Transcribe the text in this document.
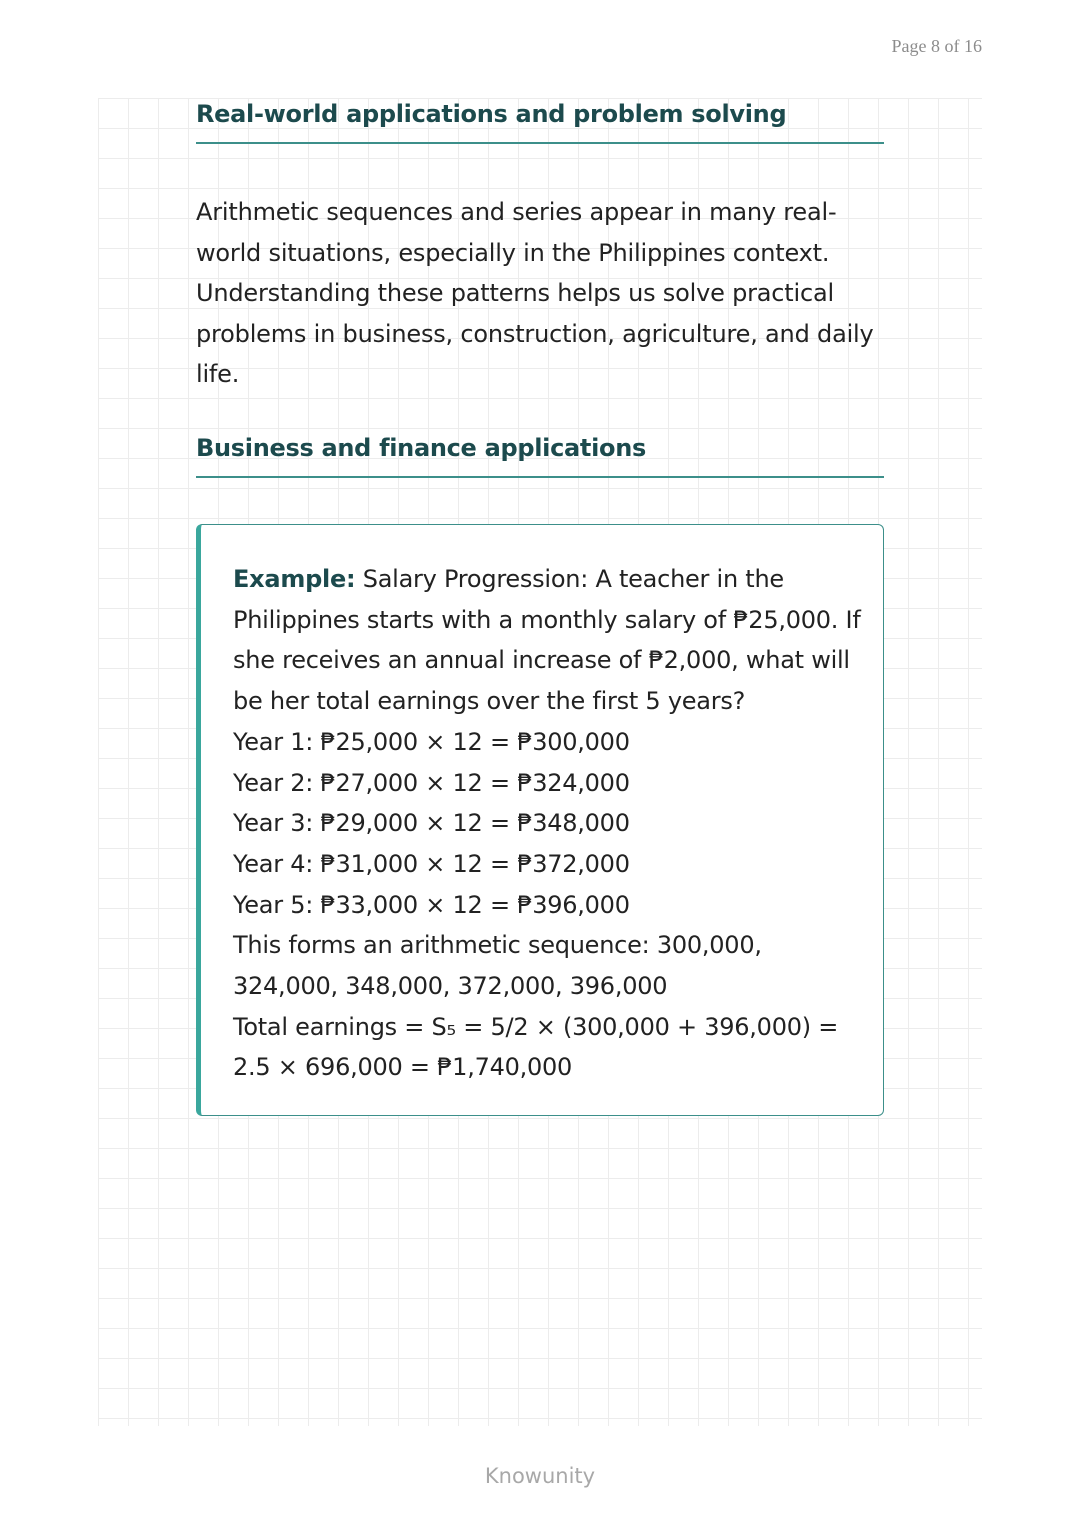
Page 8 of 16
Real-world applications and problem solving
Arithmetic sequences and series appear in many real-world situations, especially in the Philippines context. Understanding these patterns helps us solve practical problems in business, construction, agriculture, and daily life.
Business and finance applications
Example: Salary Progression: A teacher in the Philippines starts with a monthly salary of ₱25,000. If she receives an annual increase of ₱2,000, what will be her total earnings over the first 5 years?
Year 1: ₱25,000 × 12 = ₱300,000
Year 2: ₱27,000 × 12 = ₱324,000
Year 3: ₱29,000 × 12 = ₱348,000
Year 4: ₱31,000 × 12 = ₱372,000
Year 5: ₱33,000 × 12 = ₱396,000
This forms an arithmetic sequence: 300,000, 324,000, 348,000, 372,000, 396,000
Total earnings = S₅ = 5/2 × (300,000 + 396,000) = 2.5 × 696,000 = ₱1,740,000
Knowunity
